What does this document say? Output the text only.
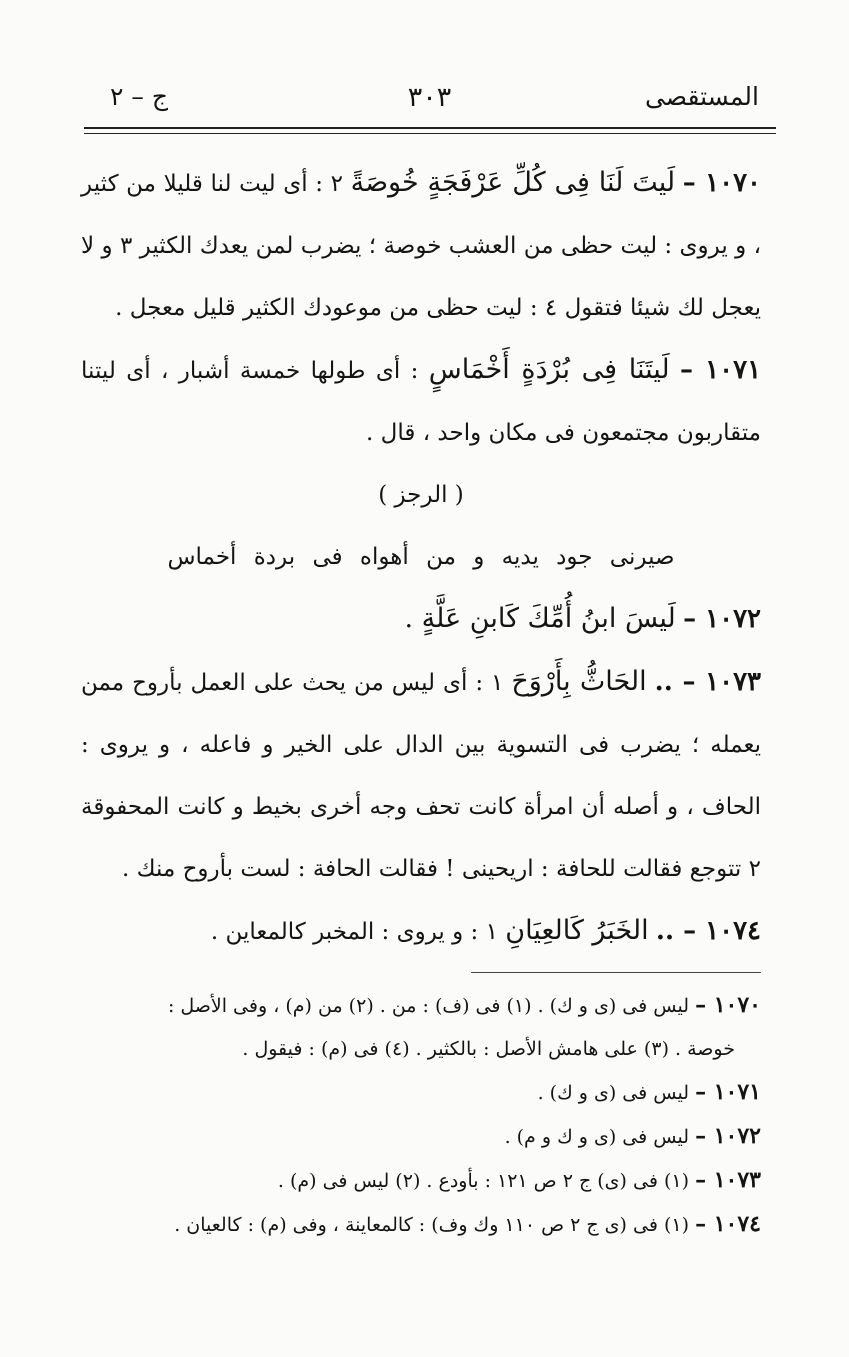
المستقصى
٣٠٣
ج – ٢

١٠٧٠ – لَيتَ لَنَا فِى كُلِّ عَرْفَجَةٍ خُوصَةً ٢ : أى ليت لنا قليلا من كثير ، و يروى : ليت حظى من العشب خوصة ؛ يضرب لمن يعدك الكثير ٣ و لا يعجل لك شيئا فتقول ٤ : ليت حظى من موعودك الكثير قليل معجل .

١٠٧١ – لَيتَنَا فِى بُرْدَةٍ أَخْمَاسٍ : أى طولها خمسة أشبار ، أى ليتنا متقاربون مجتمعون فى مكان واحد ، قال .

( الرجز )

صيرنى جود يديه و من أهواه فى بردة أخماس

١٠٧٢ – لَيسَ ابنُ أُمِّكَ كَابنِ عَلَّةٍ .

١٠٧٣ – .. الحَاثُّ بِأَرْوَحَ ١ : أى ليس من يحث على العمل بأروح ممن يعمله ؛ يضرب فى التسوية بين الدال على الخير و فاعله ، و يروى : الحاف ، و أصله أن امرأة كانت تحف وجه أخرى بخيط و كانت المحفوقة ٢ تتوجع فقالت للحافة : اريحينى ! فقالت الحافة : لست بأروح منك .

١٠٧٤ – .. الخَبَرُ كَالعِيَانِ ١ : و يروى : المخبر كالمعاين .

١٠٧٠ – ليس فى (ى و ك) . (١) فى (ف) : من . (٢) من (م) ، وفى الأصل :

خوصة . (٣) على هامش الأصل : بالكثير . (٤) فى (م) : فيقول .

١٠٧١ – ليس فى (ى و ك) .

١٠٧٢ – ليس فى (ى و ك و م) .

١٠٧٣ – (١) فى (ى) ج ٢ ص ١٢١ : بأودع . (٢) ليس فى (م) .

١٠٧٤ – (١) فى (ى ج ٢ ص ١١٠ وك وف) : كالمعاينة ، وفى (م) : كالعيان .
